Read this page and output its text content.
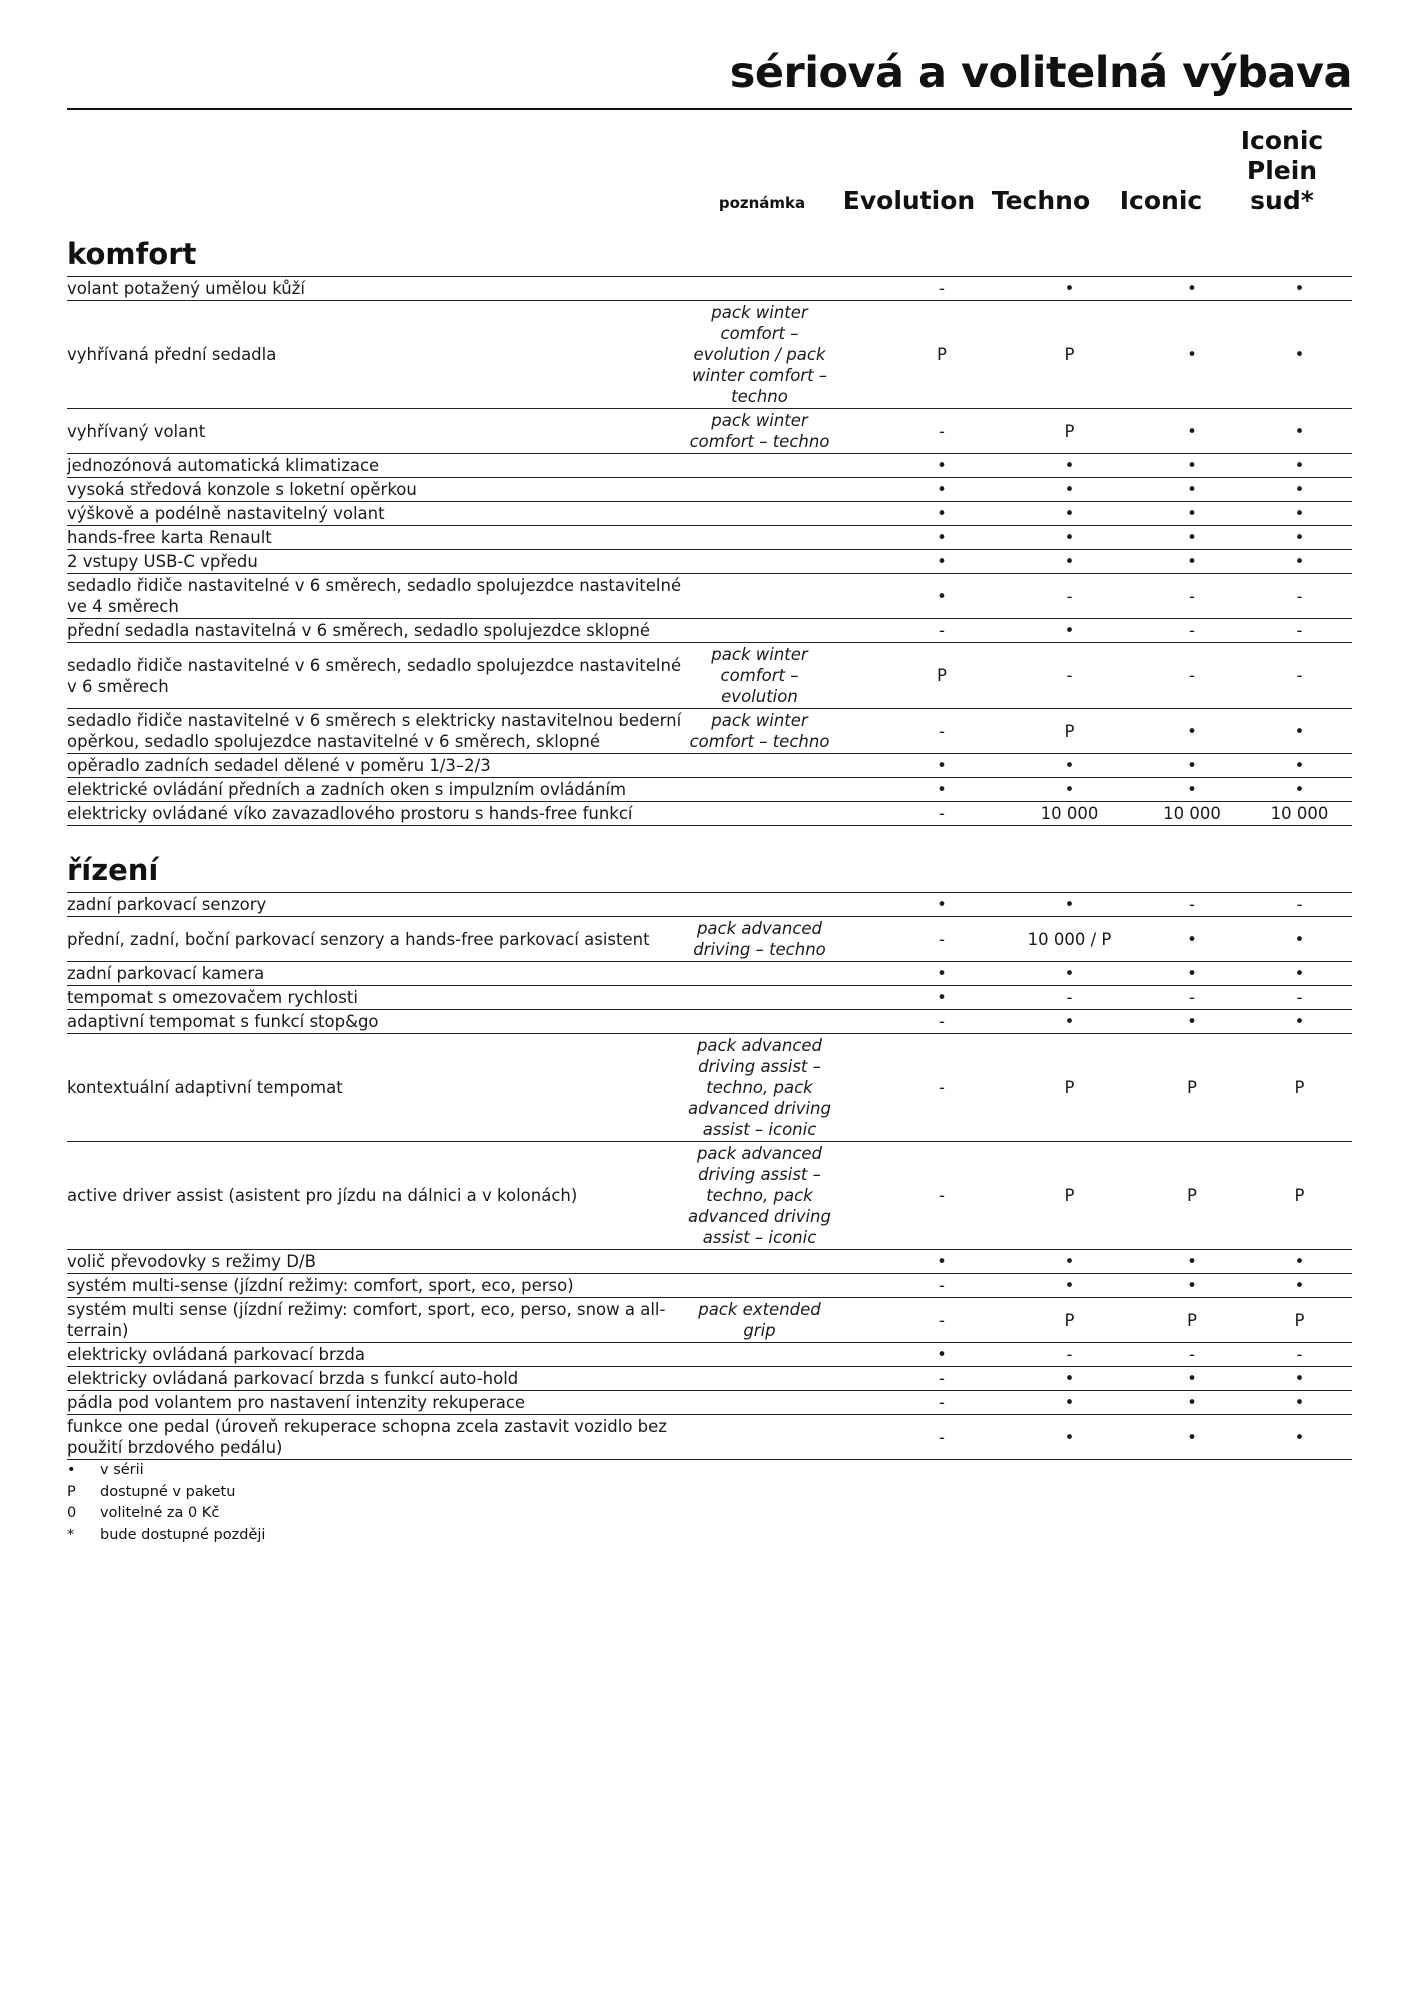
sériová a volitelná výbava
poznámka	Evolution Techno Iconic
Iconic
Plein sud*
komfort
volant potažený umělou kůží			-	•	•	•
vyhřívaná přední sedadla	pack winter comfort – evolution / pack winter comfort – techno		P	P	•	•
vyhřívaný volant	pack winter comfort – techno		-	P	•	•
jednozónová automatická klimatizace			•	•	•	•
vysoká středová konzole s loketní opěrkou			•	•	•	•
výškově a podélně nastavitelný volant			•	•	•	•
hands-free karta Renault			•	•	•	•
2 vstupy USB-C vpředu			•	•	•	•
sedadlo řidiče nastavitelné v 6 směrech, sedadlo spolujezdce nastavitelné ve 4 směrech			•	-	-	-
přední sedadla nastavitelná v 6 směrech, sedadlo spolujezdce sklopné			-	•	-	-
sedadlo řidiče nastavitelné v 6 směrech, sedadlo spolujezdce nastavitelné v 6 směrech	pack winter comfort – evolution		P	-	-	-
sedadlo řidiče nastavitelné v 6 směrech s elektricky nastavitelnou bederní opěrkou, sedadlo spolujezdce nastavitelné v 6 směrech, sklopné	pack winter comfort – techno		-	P	•	•
opěradlo zadních sedadel dělené v poměru 1/3–2/3			•	•	•	•
elektrické ovládání předních a zadních oken s impulzním ovládáním			•	•	•	•
elektricky ovládané víko zavazadlového prostoru s hands-free funkcí			-	10 000	10 000	10 000
řízení
zadní parkovací senzory			•	•	-	-
přední, zadní, boční parkovací senzory a hands-free parkovací asistent	pack advanced driving – techno		-	10 000 / P	•	•
zadní parkovací kamera			•	•	•	•
tempomat s omezovačem rychlosti			•	-	-	-
adaptivní tempomat s funkcí stop&go			-	•	•	•
kontextuální adaptivní tempomat	pack advanced driving assist – techno, pack advanced driving assist – iconic		-	P	P	P
active driver assist (asistent pro jízdu na dálnici a v kolonách)	pack advanced driving assist – techno, pack advanced driving assist – iconic		-	P	P	P
volič převodovky s režimy D/B			•	•	•	•
systém multi-sense (jízdní režimy: comfort, sport, eco, perso)			-	•	•	•
systém multi sense (jízdní režimy: comfort, sport, eco, perso, snow a all-terrain)	pack extended grip		-	P	P	P
elektricky ovládaná parkovací brzda			•	-	-	-
elektricky ovládaná parkovací brzda s funkcí auto-hold			-	•	•	•
pádla pod volantem pro nastavení intenzity rekuperace			-	•	•	•
funkce one pedal (úroveň rekuperace schopna zcela zastavit vozidlo bez použití brzdového pedálu)			-	•	•	•
•	v sérii
P	dostupné v paketu
0	volitelné za 0 Kč
*	bude dostupné později
